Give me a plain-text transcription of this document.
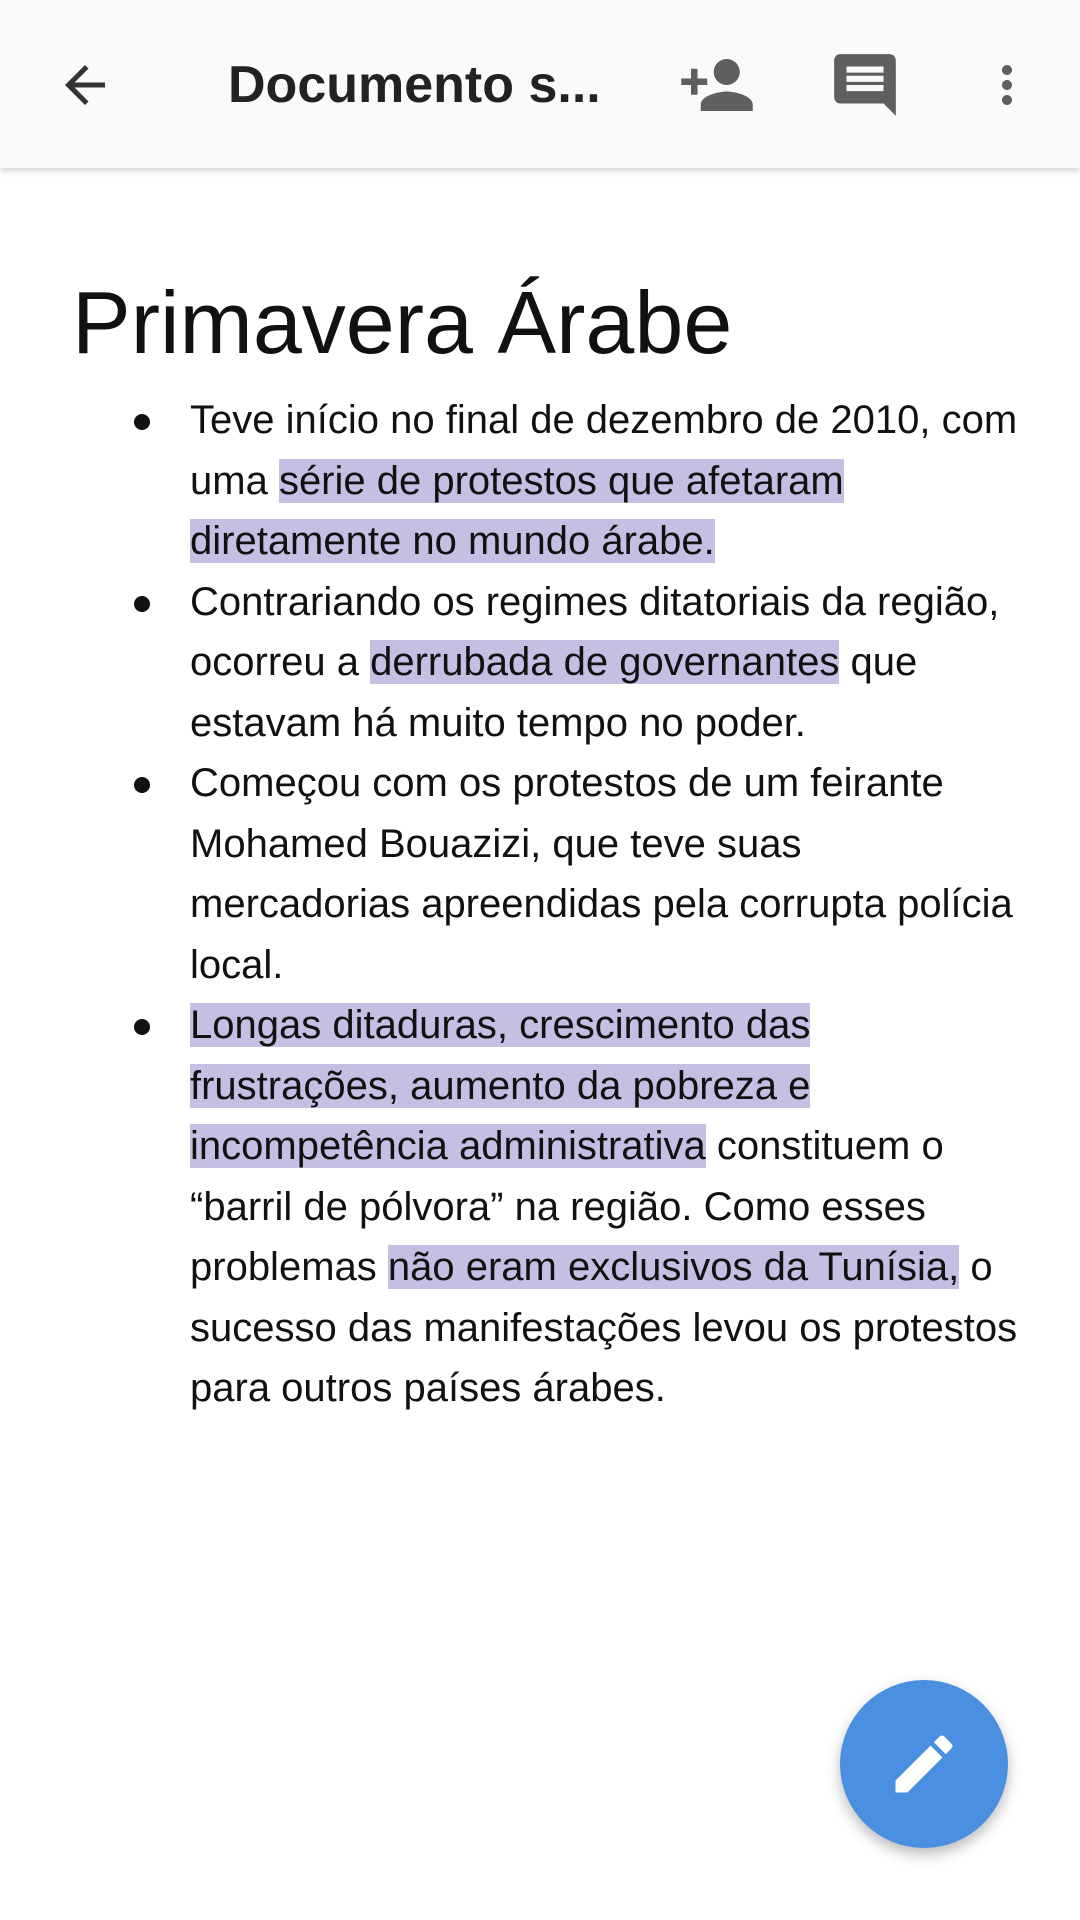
Documento s...
Primavera Árabe
Teve início no final de dezembro de 2010, com uma série de protestos que afetaram diretamente no mundo árabe.
Contrariando os regimes ditatoriais da região, ocorreu a derrubada de governantes que estavam há muito tempo no poder.
Começou com os protestos de um feirante Mohamed Bouazizi, que teve suas mercadorias apreendidas pela corrupta polícia local.
Longas ditaduras, crescimento das frustrações, aumento da pobreza e incompetência administrativa constituem o “barril de pólvora” na região. Como esses problemas não eram exclusivos da Tunísia, o sucesso das manifestações levou os protestos para outros países árabes.
